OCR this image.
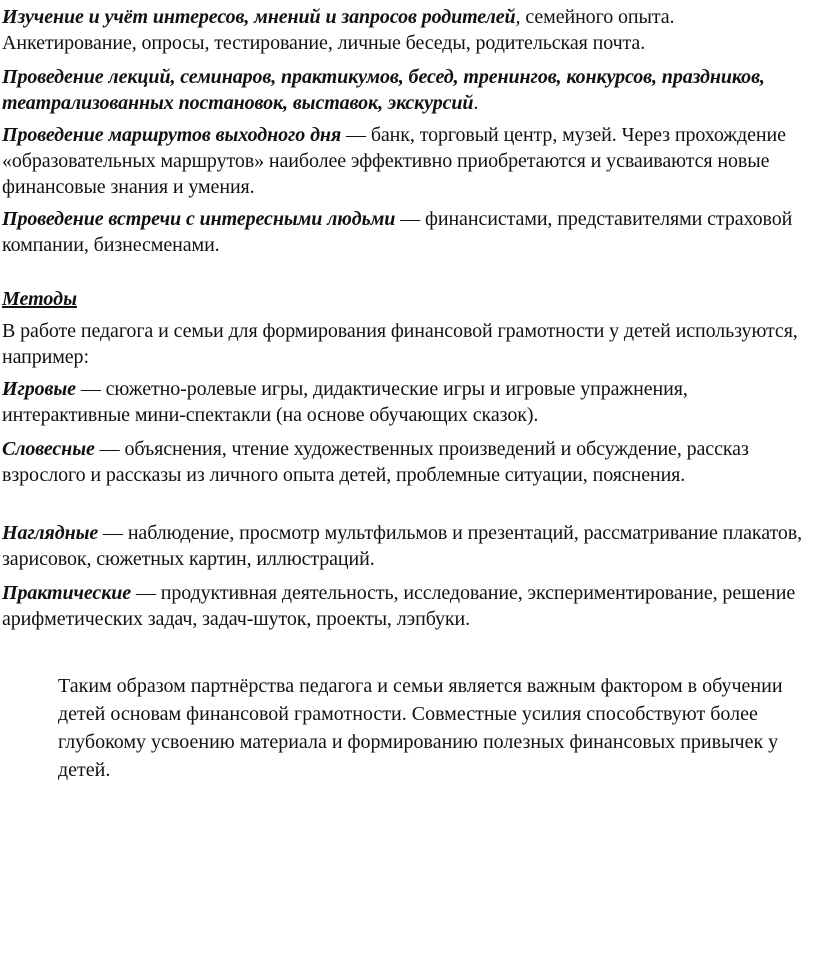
Изучение и учёт интересов, мнений и запросов родителей, семейного опыта. Анкетирование, опросы, тестирование, личные беседы, родительская почта.

Проведение лекций, семинаров, практикумов, бесед, тренингов, конкурсов, праздников, театрализованных постановок, выставок, экскурсий.

Проведение маршрутов выходного дня — банк, торговый центр, музей. Через прохождение «образовательных маршрутов» наиболее эффективно приобретаются и усваиваются новые финансовые знания и умения.

Проведение встречи с интересными людьми — финансистами, представителями страховой компании, бизнесменами.

Методы

В работе педагога и семьи для формирования финансовой грамотности у детей используются, например:

Игровые — сюжетно-ролевые игры, дидактические игры и игровые упражнения, интерактивные мини-спектакли (на основе обучающих сказок).

Словесные — объяснения, чтение художественных произведений и обсуждение, рассказ взрослого и рассказы из личного опыта детей, проблемные ситуации, пояснения.

Наглядные — наблюдение, просмотр мультфильмов и презентаций, рассматривание плакатов, зарисовок, сюжетных картин, иллюстраций.

Практические — продуктивная деятельность, исследование, экспериментирование, решение арифметических задач, задач-шуток, проекты, лэпбуки.

Таким образом партнёрства педагога и семьи является важным фактором в обучении детей основам финансовой грамотности. Совместные усилия способствуют более глубокому усвоению материала и формированию полезных финансовых привычек у детей.
